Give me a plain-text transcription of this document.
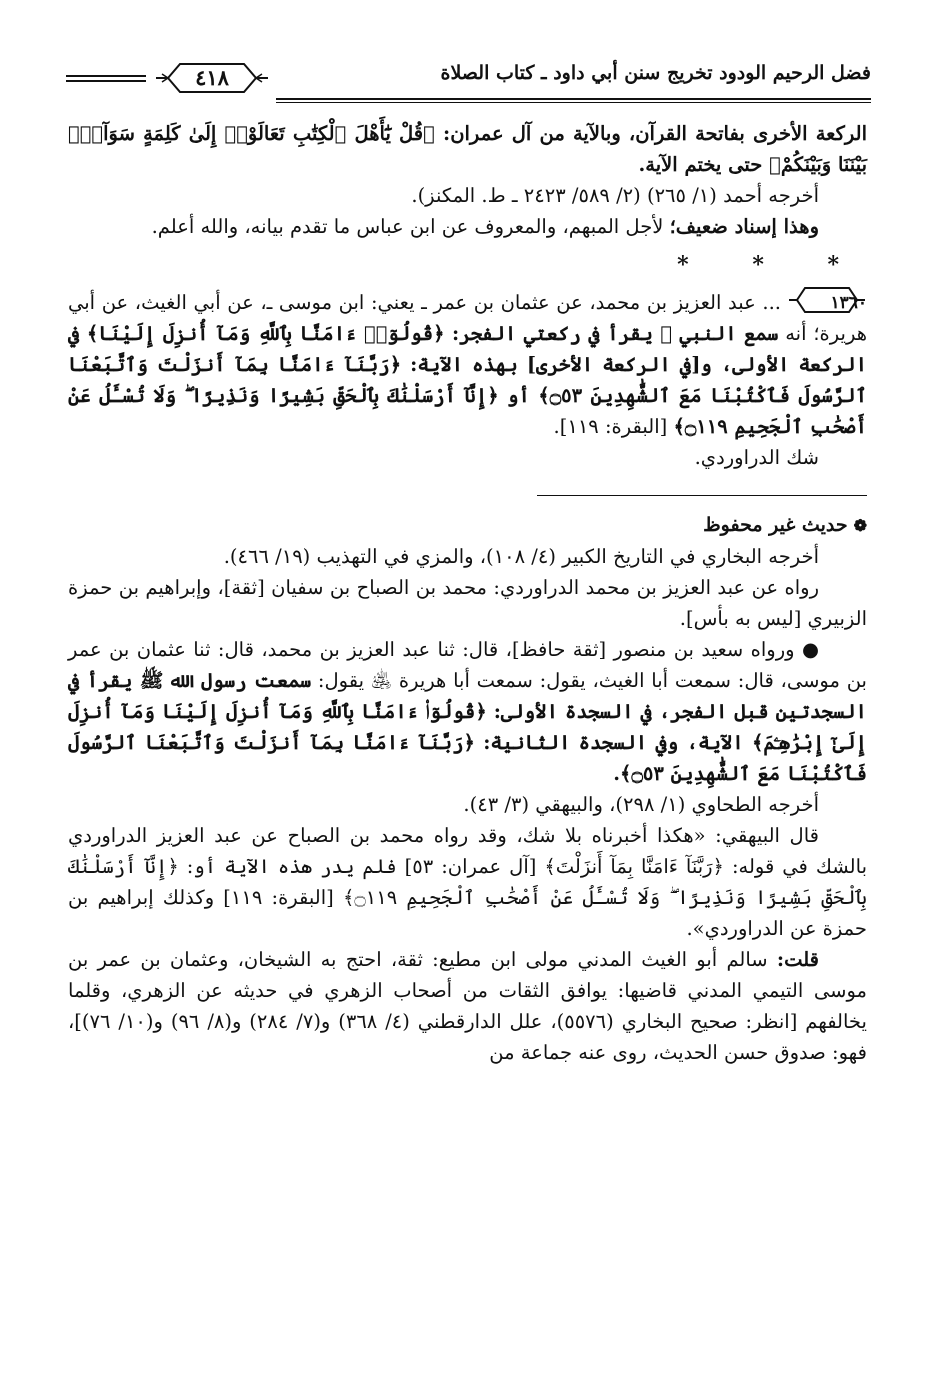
فضل الرحيم الودود تخريج سنن أبي داود ـ كتاب الصلاة
٤١٨

الركعة الأخرى بفاتحة القرآن، وبالآية من آل عمران: ﴿قُلْ يَٰٓأَهْلَ ٱلْكِتَٰبِ تَعَالَوْا۟ إِلَىٰ كَلِمَةٍ سَوَآءٍۭ بَيْنَنَا وَبَيْنَكُمْ﴾ حتى يختم الآية.

أخرجه أحمد (١/ ٢٦٥) (٢/ ٥٨٩/ ٢٤٢٣ ـ ط. المكنز).

وهذا إسناد ضعيف؛ لأجل المبهم، والمعروف عن ابن عباس ما تقدم بيانه، والله أعلم.

* * *

١٣٦٠
... عبد العزيز بن محمد، عن عثمان بن عمر ـ يعني: ابن موسى ـ، عن أبي الغيث، عن أبي هريرة؛ أنه سمع النبي ﷺ يقرأ في ركعتي الفجر: ﴿قُولُوٓا۟ ءَامَنَّا بِٱللَّهِ وَمَآ أُنزِلَ إِلَيْنَا﴾ في الركعة الأولى، و[في الركعة الأخرى] بهذه الآية: ﴿رَبَّنَآ ءَامَنَّا بِمَآ أَنزَلْتَ وَٱتَّبَعْنَا ٱلرَّسُولَ فَٱكْتُبْنَا مَعَ ٱلشَّٰهِدِينَ ۝٥٣﴾ أو ﴿إِنَّآ أَرْسَلْنَٰكَ بِٱلْحَقِّ بَشِيرًا وَنَذِيرًا ۖ وَلَا تُسْـَٔلُ عَنْ أَصْحَٰبِ ٱلْجَحِيمِ ۝١١٩﴾ [البقرة: ١١٩].

شك الدراوردي.

❁حديث غير محفوظ

أخرجه البخاري في التاريخ الكبير (٤/ ١٠٨)، والمزي في التهذيب (١٩/ ٤٦٦).

رواه عن عبد العزيز بن محمد الدراوردي: محمد بن الصباح بن سفيان [ثقة]، وإبراهيم بن حمزة الزبيري [ليس به بأس].

● ورواه سعيد بن منصور [ثقة حافظ]، قال: ثنا عبد العزيز بن محمد، قال: ثنا عثمان بن عمر بن موسى، قال: سمعت أبا الغيث، يقول: سمعت أبا هريرة ﵁ يقول: سمعت رسول الله ﷺ يقرأ في السجدتين قبل الفجر، في السجدة الأولى: ﴿قُولُوٓا۟ ءَامَنَّا بِٱللَّهِ وَمَآ أُنزِلَ إِلَيْنَا وَمَآ أُنزِلَ إِلَىٰٓ إِبْرَٰهِـۧمَ﴾ الآية، وفي السجدة الثانية: ﴿رَبَّنَآ ءَامَنَّا بِمَآ أَنزَلْتَ وَٱتَّبَعْنَا ٱلرَّسُولَ فَٱكْتُبْنَا مَعَ ٱلشَّٰهِدِينَ ۝٥٣﴾.

أخرجه الطحاوي (١/ ٢٩٨)، والبيهقي (٣/ ٤٣).

قال البيهقي: «هكذا أخبرناه بلا شك، وقد رواه محمد بن الصباح عن عبد العزيز الدراوردي بالشك في قوله: ﴿رَبَّنَآ ءَامَنَّا بِمَآ أَنزَلْتَ﴾ [آل عمران: ٥٣] فلم يدر هذه الآية أو: ﴿إِنَّآ أَرْسَلْنَٰكَ بِٱلْحَقِّ بَشِيرًا وَنَذِيرًا ۖ وَلَا تُسْـَٔلُ عَنْ أَصْحَٰبِ ٱلْجَحِيمِ ۝١١٩﴾ [البقرة: ١١٩] وكذلك إبراهيم بن حمزة عن الدراوردي».

قلت: سالم أبو الغيث المدني مولى ابن مطيع: ثقة، احتج به الشيخان، وعثمان بن عمر بن موسى التيمي المدني قاضيها: يوافق الثقات من أصحاب الزهري في حديثه عن الزهري، وقلما يخالفهم [انظر: صحيح البخاري (٥٥٧٦)، علل الدارقطني (٤/ ٣٦٨) و(٧/ ٢٨٤) و(٨/ ٩٦) و(١٠/ ٧٦)]، فهو: صدوق حسن الحديث، روى عنه جماعة من
